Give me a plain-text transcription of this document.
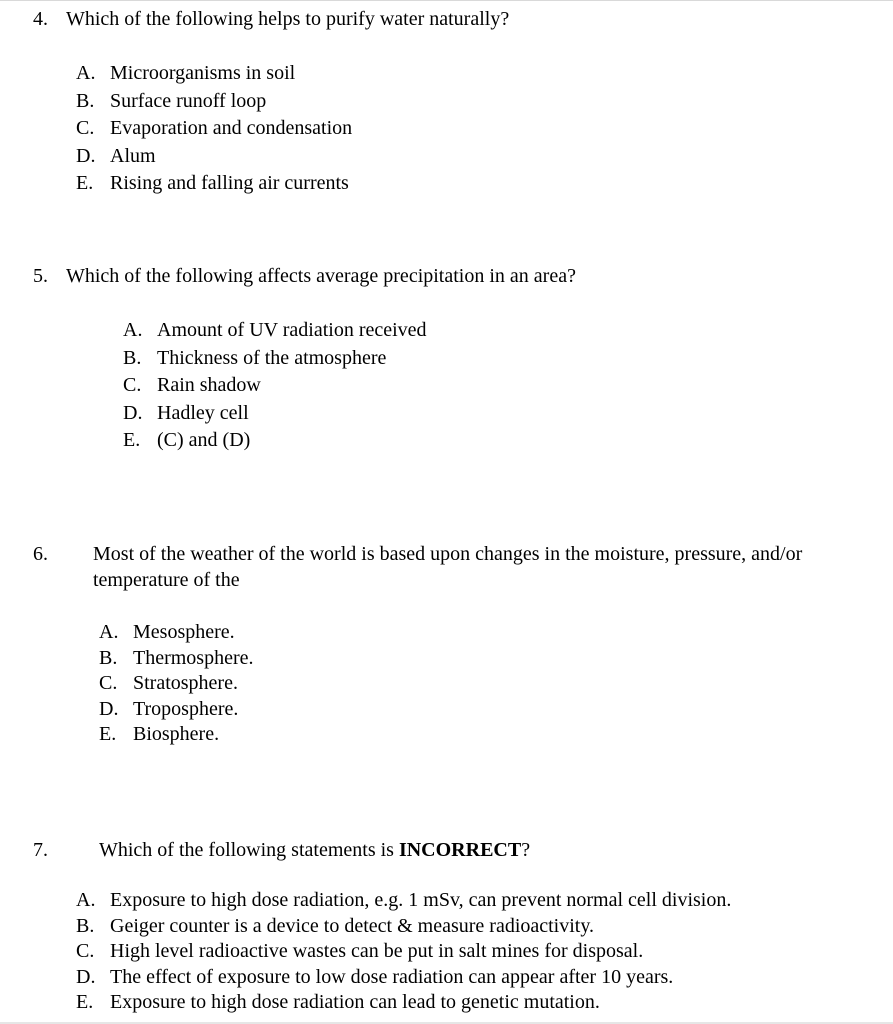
4. Which of the following helps to purify water naturally?
A. Microorganisms in soil
B. Surface runoff loop
C. Evaporation and condensation
D. Alum
E. Rising and falling air currents
5. Which of the following affects average precipitation in an area?
A. Amount of UV radiation received
B. Thickness of the atmosphere
C. Rain shadow
D. Hadley cell
E. (C) and (D)
6. Most of the weather of the world is based upon changes in the moisture, pressure, and/or temperature of the
A. Mesosphere.
B. Thermosphere.
C. Stratosphere.
D. Troposphere.
E. Biosphere.
7.	Which of the following statements is INCORRECT?
A. Exposure to high dose radiation, e.g. 1 mSv, can prevent normal cell division.
B. Geiger counter is a device to detect & measure radioactivity.
C. High level radioactive wastes can be put in salt mines for disposal.
D. The effect of exposure to low dose radiation can appear after 10 years.
E. Exposure to high dose radiation can lead to genetic mutation.
